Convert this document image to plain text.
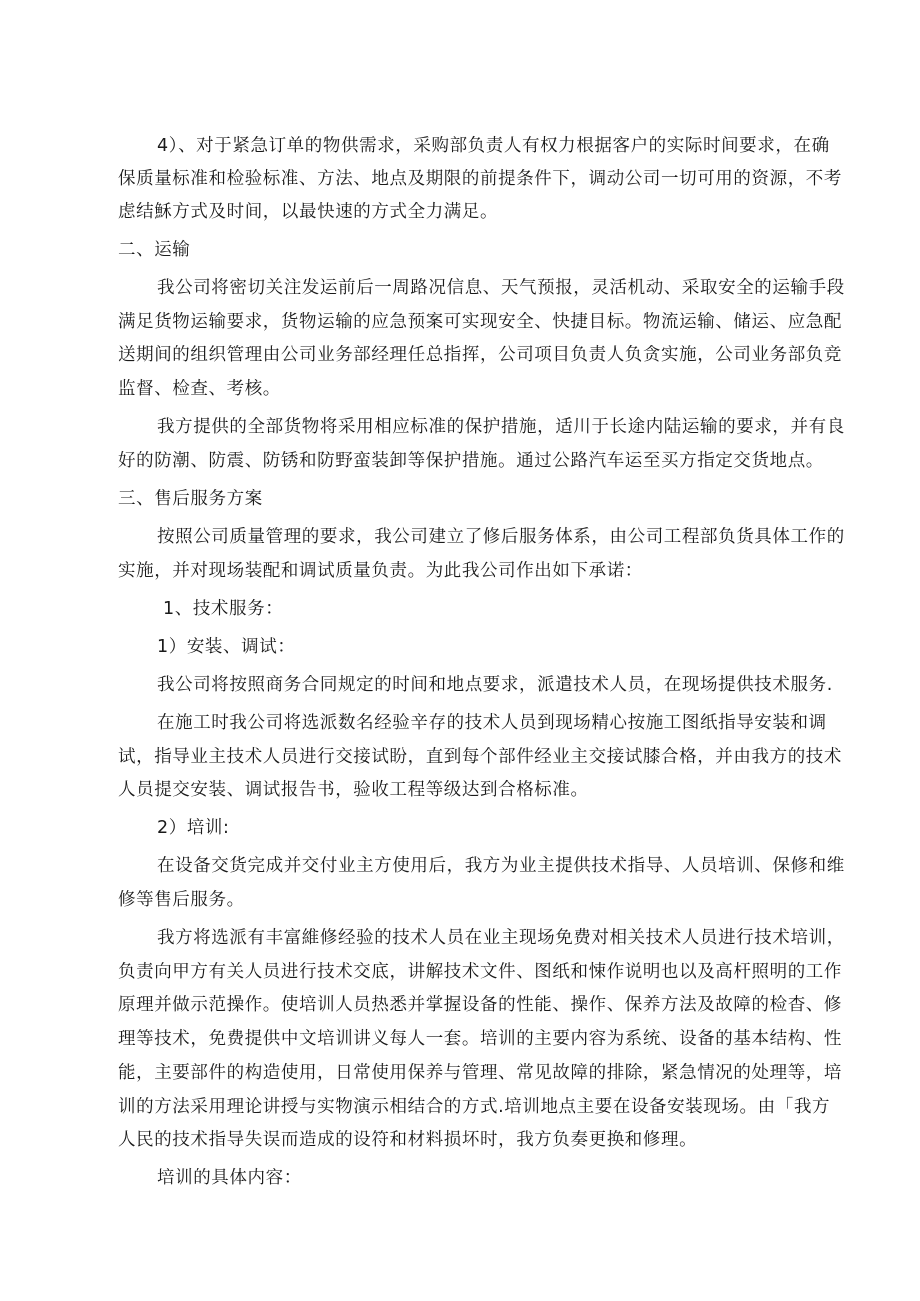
4）、对于紧急订单的物供需求，采购部负责人有权力根据客户的实际时间要求，在确
保质量标准和检验标准、方法、地点及期限的前提条件下，调动公司一切可用的资源，不考
虑结穌方式及时间，以最快速的方式全力满足。
二、运输
我公司将密切关注发运前后一周路况信息、天气预报，灵活机动、采取安全的运输手段
满足货物运输要求，货物运输的应急预案可实现安全、快捷目标。物流运输、储运、应急配
送期间的组织管理由公司业务部经理任总指挥，公司项目负责人负贪实施，公司业务部负竞
监督、检查、考核。
我方提供的全部货物将采用相应标准的保护措施，适川于长途内陆运输的要求，并有良
好的防潮、防震、防锈和防野蛮装卸等保护措施。通过公路汽车运至买方指定交货地点。
三、售后服务方案
按照公司质量管理的要求，我公司建立了修后服务体系，由公司工程部负货具体工作的
实施，并对现场装配和调试质量负责。为此我公司作出如下承诺：
1、技术服务：
1）安装、调试：
我公司将按照商务合同规定的时间和地点要求，派遣技术人员，在现场提供技术服务.
在施工时我公司将选派数名经验辛存的技术人员到现场精心按施工图纸指导安装和调
试，指导业主技术人员进行交接试盼，直到每个部件经业主交接试膝合格，并由我方的技术
人员提交安装、调试报告书，验收工程等级达到合格标准。
2）培训:
在设备交货完成并交付业主方使用后，我方为业主提供技术指导、人员培训、保修和维
修等售后服务。
我方将选派有丰富維修经验的技术人员在业主现场免费对相关技术人员进行技术培训，
负责向甲方有关人员进行技术交底，讲解技术文件、图纸和悚作说明也以及高杆照明的工作
原理并做示范操作。使培训人员热悉并掌握设备的性能、操作、保养方法及故障的检杳、修
理等技术，免费提供中文培训讲义每人一套。培训的主要内容为系统、设备的基本结构、性
能，主要部件的构造使用，日常使用保养与管理、常见故障的排除，紧急情况的处理等，培
训的方法采用理论讲授与实物演示相结合的方式.培训地点主要在设备安装现场。由「我方
人民的技术指导失误而造成的设符和材料损坏时，我方负奏更换和修理。
培训的具体内容：
